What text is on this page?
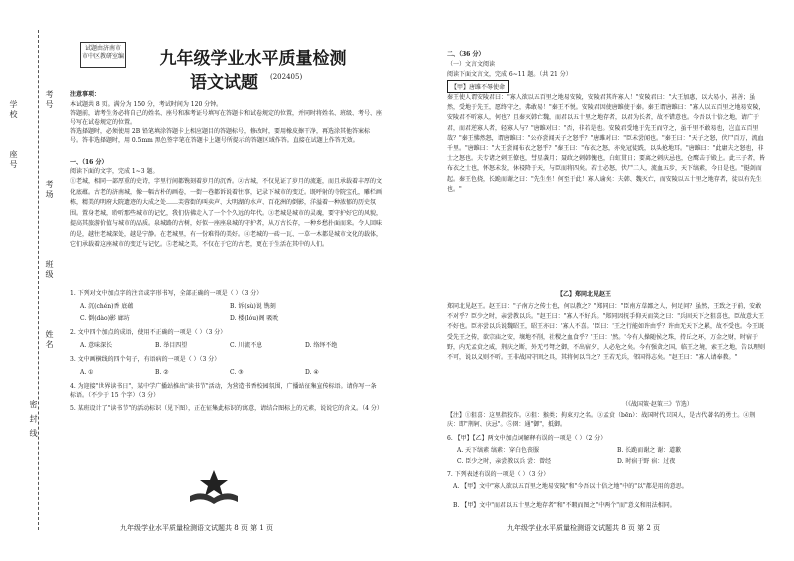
学校	考号
座号
考场
班级
姓名
密 封 线
试题由济南市
市中区教研室编	九年级学业水平质量检测
语文试题 (202405)
注意事项：
本试题共 8 页。满分为 150 分，考试时间为 120 分钟。
答题前，请考生务必将自己的姓名、座号和准考证号填写在答题卡和试卷规定的位置，并同时将姓名、班级、考号、座号写在试卷规定的位置。
答选择题时，必须使用 2B 铅笔填涂答题卡上相应题目的答题标号，修改时，要用橡皮擦干净，再选涂其他答案标号。答非选择题时，用 0.5mm 黑色签字笔在答题卡上题号所提示的答题区域作答。直接在试题上作答无效。
一、（16 分）
阅读下面的文字，完成 1~3 题。
①老城，相同一部厚重的史诗，字里行间都镌刻着岁月的沉香。②古城，不仅见证了岁月的流逝，而且承载着丰厚的文化底蕴。古老的济南城，像一幅古朴的画卷，一街一巷都诉说着往事，记录下城市的变迁。既呼射的寺院宝孔，雕栏画栋，精美的明府大院遗迹的大成之处……芙蓉街的叫卖声、大明湖的水声、百花洲的倒影，洋溢着一种浓郁的历史氛围。置身老城，聆听那些城市的记忆，我们仿佛走入了一个个久远的年代。③老城是城市的灵魂，要守护好它的风貌，提高其旅游价值与城市的品质。泉城路的古树，好似一座座泉城的守护者，从万古长存，一种乡愁扑面而来。令人回味的是，越往老城深处，越是宁静。在老城里，有一份难得的美好。④老城的一砖一瓦、一草一木都是城市文化的载体，它们承载着这座城市的变迁与记忆。⑤老城之美，不仅在于它的古老，更在于生活在其中的人们。
1. 下列对文中加点字的注音或字形书写，全部正确的一项是（ ）（3 分）
A. 沉(chén)香 底蕴	B. 诉(sù)说 镌刻
C. 倒(dào)影 廊坊	D. 楼(lóu)阁 吸吮
2. 文中四个加点的成语，使用不正确的一项是（ ）（3 分）
A. 意味深长	B. 举目四望	C. 川流不息	D. 络绎不绝
3. 文中画横线的四个句子，有语病的一项是（ ）（3 分）
A. ①	B. ②	C. ③	D. ④
4. 为迎接"世界读书日"，某中学广播站推出"读书节"活动，为营造书香校园氛围，广播站征集宣传标语。请你写一条标语。（不少于 15 个字）（3 分）
5. 某班设计了"读书节"的活动标识（见下图），正在征集此标识的寓意，请结合图标上的元素，说说它的含义。（4 分）
九年级学业水平质量检测语文试题共 8 页 第 1 页
二、（36 分）
（一）文言文阅读
阅读下面文言文，完成 6~11 题。（共 21 分）
【甲】唐雎不辱使命
秦王使人谓安陵君曰："寡人欲以五百里之地易安陵，安陵君其许寡人！"安陵君曰："大王加惠，以大易小，甚善；虽然，受地于先王，愿终守之，弗敢易！"秦王不悦。安陵君因使唐雎使于秦。秦王谓唐雎曰："寡人以五百里之地易安陵，安陵君不听寡人，何也？且秦灭韩亡魏，而君以五十里之地存者，以君为长者，故不错意也。今吾以十倍之地，请广于君，而君逆寡人者，轻寡人与？"唐雎对曰："否，非若是也。安陵君受地于先王而守之，虽千里不敢易也，岂直五百里哉？"秦王怫然怒，谓唐雎曰："公亦尝闻天子之怒乎？"唐雎对曰："臣未尝闻也。"秦王曰："天子之怒，伏尸百万，流血千里。"唐雎曰："大王尝闻布衣之怒乎？"秦王曰："布衣之怒，亦免冠徒跣，以头抢地耳。"唐雎曰："此庸夫之怒也，非士之怒也。夫专诸之刺王僚也，彗星袭月；聂政之刺韩傀也，白虹贯日；要离之刺庆忌也，仓鹰击于殿上。此三子者，皆布衣之士也，怀怒未发，休祲降于天，与臣而将四矣。若士必怒，伏尸二人，流血五步，天下缟素，今日是也。"挺剑而起。秦王色挠，长跪而谢之曰："先生坐！何至于此！寡人谕矣：夫韩、魏灭亡，而安陵以五十里之地存者，徒以有先生也。"
【乙】郑同北见赵王
郑同北见赵王。赵王曰："子南方之传士也，何以教之？"郑同曰："臣南方草鄙之人，何足问？虽然，王致之于前，安敢不对乎？臣少之时，亲尝教以兵。"赵王曰："寡人不好兵。"郑同因抚手仰天而笑之曰："兵固天下之狙喜也，臣故意大王不好也。臣亦尝以兵说魏昭王，昭王亦曰：'寡人不喜。'臣曰：'王之行能如许由乎？许由无天下之累，故不受也。今王既受先王之传，欲宗庙之安，壤地不削，社稷之血食乎？'王曰：'然。'今有人操随侯之珠，持丘之环，万金之财，时宿于野，内无孟贲之威，荆庆之断，外无弓弩之御，不出宿夕，人必危之矣。今有强贪之国，临王之境，索王之地，告以理则不可，说以义则不听。王非战国守圉之具，其将何以当之？王若无兵，邻国得志矣。"赵王曰："寡人请奉教。"
（《战国策·赵策三》节选）
【注】①狙喜：这里指狡诈。②狙：猴类；拘束刃之名。③孟贲（bēn）：战国时代卫国人，是古代著名的勇士。④荆庆：即"荆轲、庆忌"。⑤圉：通"御"，抵御。
6. 【甲】【乙】两文中加点词解释有误的一项是（ ）（2 分）
A. 天下缟素 缟素：穿白色丧服	B. 长跪而谢之 谢：道歉
C. 臣少之时，亲尝教以兵 尝：曾经	D. 时宿于野 宿：过夜
7. 下列表述有误的一项是（ ）（3 分）
A. 【甲】文中"寡人欲以五百里之地易安陵"和"今吾以十倍之地"中的"以"都是用的意思。
B. 【甲】文中"而君以五十里之地存者"和"不暇而图之"中两个"而"意义和用法相同。
九年级学业水平质量检测语文试题共 8 页 第 2 页
